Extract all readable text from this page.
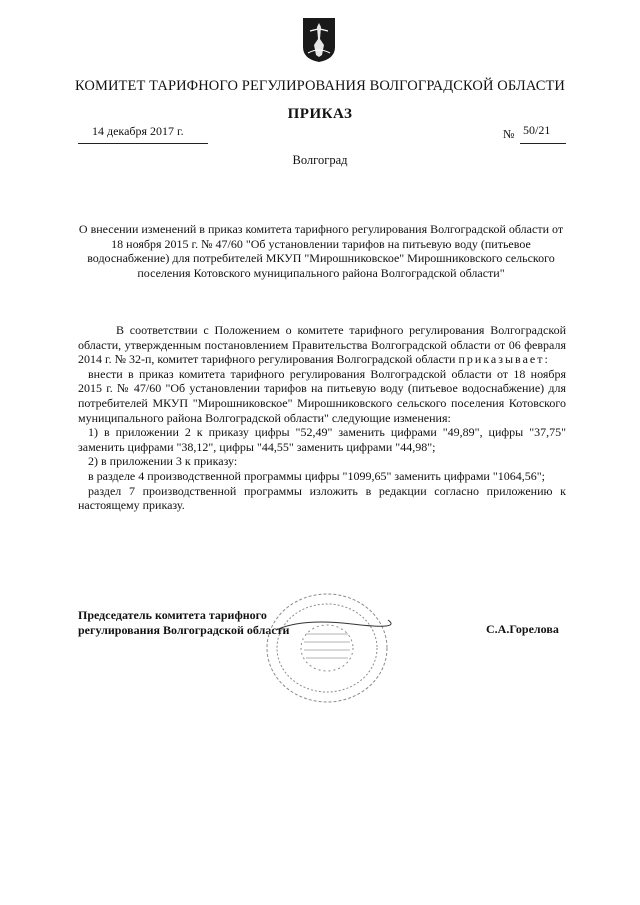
КОМИТЕТ ТАРИФНОГО РЕГУЛИРОВАНИЯ ВОЛГОГРАДСКОЙ ОБЛАСТИ
ПРИКАЗ
14 декабря 2017 г.	№ 50/21
Волгоград
О внесении изменений в приказ комитета тарифного регулирования Волгоградской области от 18 ноября 2015 г. № 47/60 "Об установлении тарифов на питьевую воду (питьевое водоснабжение) для потребителей МКУП "Мирошниковское" Мирошниковского сельского поселения Котовского муниципального района Волгоградской области"

В соответствии с Положением о комитете тарифного регулирования Волгоградской области, утвержденным постановлением Правительства Волгоградской области от 06 февраля 2014 г. № 32-п, комитет тарифного регулирования Волгоградской области приказывает:

внести в приказ комитета тарифного регулирования Волгоградской области от 18 ноября 2015 г. № 47/60 "Об установлении тарифов на питьевую воду (питьевое водоснабжение) для потребителей МКУП "Мирошниковское" Мирошниковского сельского поселения Котовского муниципального района Волгоградской области" следующие изменения:

1) в приложении 2 к приказу цифры "52,49" заменить цифрами "49,89", цифры "37,75" заменить цифрами "38,12", цифры "44,55" заменить цифрами "44,98";

2) в приложении 3 к приказу:

в разделе 4 производственной программы цифры "1099,65" заменить цифрами "1064,56";

раздел 7 производственной программы изложить в редакции согласно приложению к настоящему приказу.

Председатель комитета тарифного
регулирования Волгоградской области	С.А.Горелова
